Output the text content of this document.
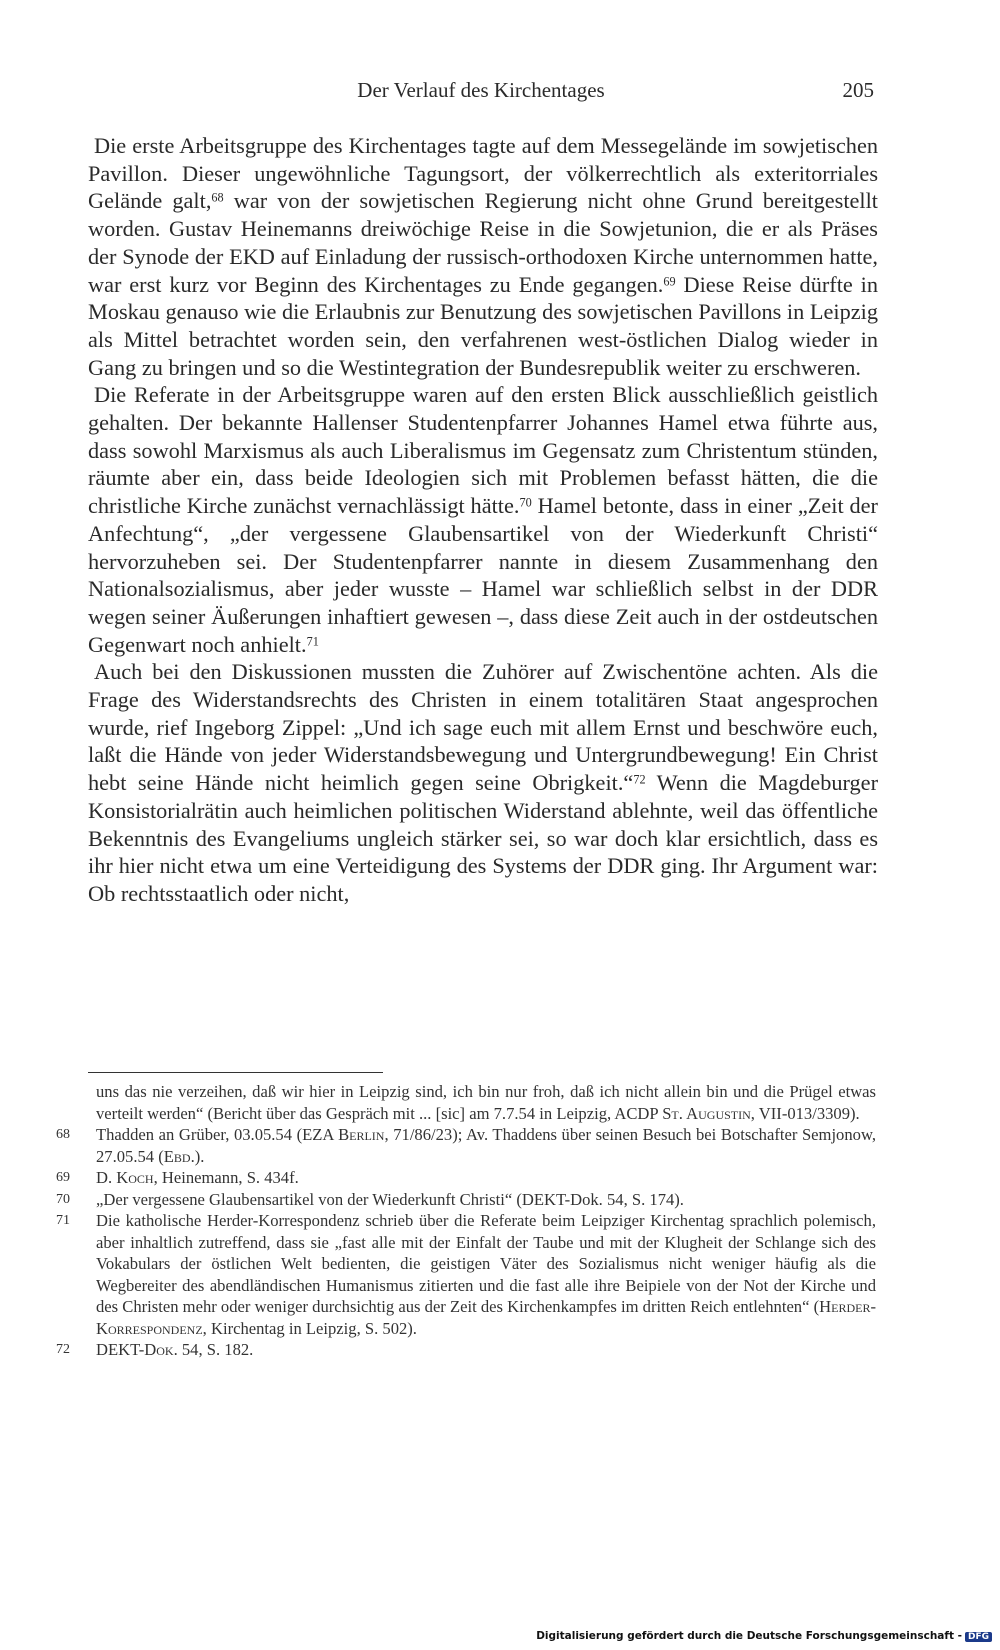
Der Verlauf des Kirchentages	205

Die erste Arbeitsgruppe des Kirchentages tagte auf dem Messegelände im sowjetischen Pavillon. Dieser ungewöhnliche Tagungsort, der völkerrechtlich als exteritorriales Gelände galt,$^{68}$ war von der sowjetischen Regierung nicht ohne Grund bereitgestellt worden. Gustav Heinemanns dreiwöchige Reise in die Sowjetunion, die er als Präses der Synode der EKD auf Einladung der russisch-orthodoxen Kirche unternommen hatte, war erst kurz vor Beginn des Kirchentages zu Ende gegangen.$^{69}$ Diese Reise dürfte in Moskau genauso wie die Erlaubnis zur Benutzung des sowjetischen Pavillons in Leipzig als Mittel betrachtet worden sein, den verfahrenen west-östlichen Dialog wieder in Gang zu bringen und so die Westintegration der Bundesrepublik weiter zu erschweren.

Die Referate in der Arbeitsgruppe waren auf den ersten Blick ausschließlich geistlich gehalten. Der bekannte Hallenser Studentenpfarrer Johannes Hamel etwa führte aus, dass sowohl Marxismus als auch Liberalismus im Gegensatz zum Christentum stünden, räumte aber ein, dass beide Ideologien sich mit Problemen befasst hätten, die die christliche Kirche zunächst vernachlässigt hätte.$^{70}$ Hamel betonte, dass in einer „Zeit der Anfechtung“, „der vergessene Glaubensartikel von der Wiederkunft Christi“ hervorzuheben sei. Der Studentenpfarrer nannte in diesem Zusammenhang den Nationalsozialismus, aber jeder wusste – Hamel war schließlich selbst in der DDR wegen seiner Äußerungen inhaftiert gewesen –, dass diese Zeit auch in der ostdeutschen Gegenwart noch anhielt.$^{71}$

Auch bei den Diskussionen mussten die Zuhörer auf Zwischentöne achten. Als die Frage des Widerstandsrechts des Christen in einem totalitären Staat angesprochen wurde, rief Ingeborg Zippel: „Und ich sage euch mit allem Ernst und beschwöre euch, laßt die Hände von jeder Widerstandsbewegung und Untergrundbewegung! Ein Christ hebt seine Hände nicht heimlich gegen seine Obrigkeit.“$^{72}$ Wenn die Magdeburger Konsistorialrätin auch heimlichen politischen Widerstand ablehnte, weil das öffentliche Bekenntnis des Evangeliums ungleich stärker sei, so war doch klar ersichtlich, dass es ihr hier nicht etwa um eine Verteidigung des Systems der DDR ging. Ihr Argument war: Ob rechtsstaatlich oder nicht,

uns das nie verzeihen, daß wir hier in Leipzig sind, ich bin nur froh, daß ich nicht allein bin und die Prügel etwas verteilt werden“ (Bericht über das Gespräch mit ... [sic] am 7.7.54 in Leipzig, ACDP St. Augustin, VII-013/3309).
68	Thadden an Grüber, 03.05.54 (EZA Berlin, 71/86/23); Av. Thaddens über seinen Besuch bei Botschafter Semjonow, 27.05.54 (Ebd.).
69	D. Koch, Heinemann, S. 434f.
70	„Der vergessene Glaubensartikel von der Wiederkunft Christi“ (DEKT-Dok. 54, S. 174).
71	Die katholische Herder-Korrespondenz schrieb über die Referate beim Leipziger Kirchentag sprachlich polemisch, aber inhaltlich zutreffend, dass sie „fast alle mit der Einfalt der Taube und mit der Klugheit der Schlange sich des Vokabulars der östlichen Welt bedienten, die geistigen Väter des Sozialismus nicht weniger häufig als die Wegbereiter des abendländischen Humanismus zitierten und die fast alle ihre Beipiele von der Not der Kirche und des Christen mehr oder weniger durchsichtig aus der Zeit des Kirchenkampfes im dritten Reich entlehnten“ (Herder-Korrespondenz, Kirchentag in Leipzig, S. 502).
72	DEKT-Dok. 54, S. 182.
Digitalisierung gefördert durch die Deutsche Forschungsgemeinschaft - DFG
